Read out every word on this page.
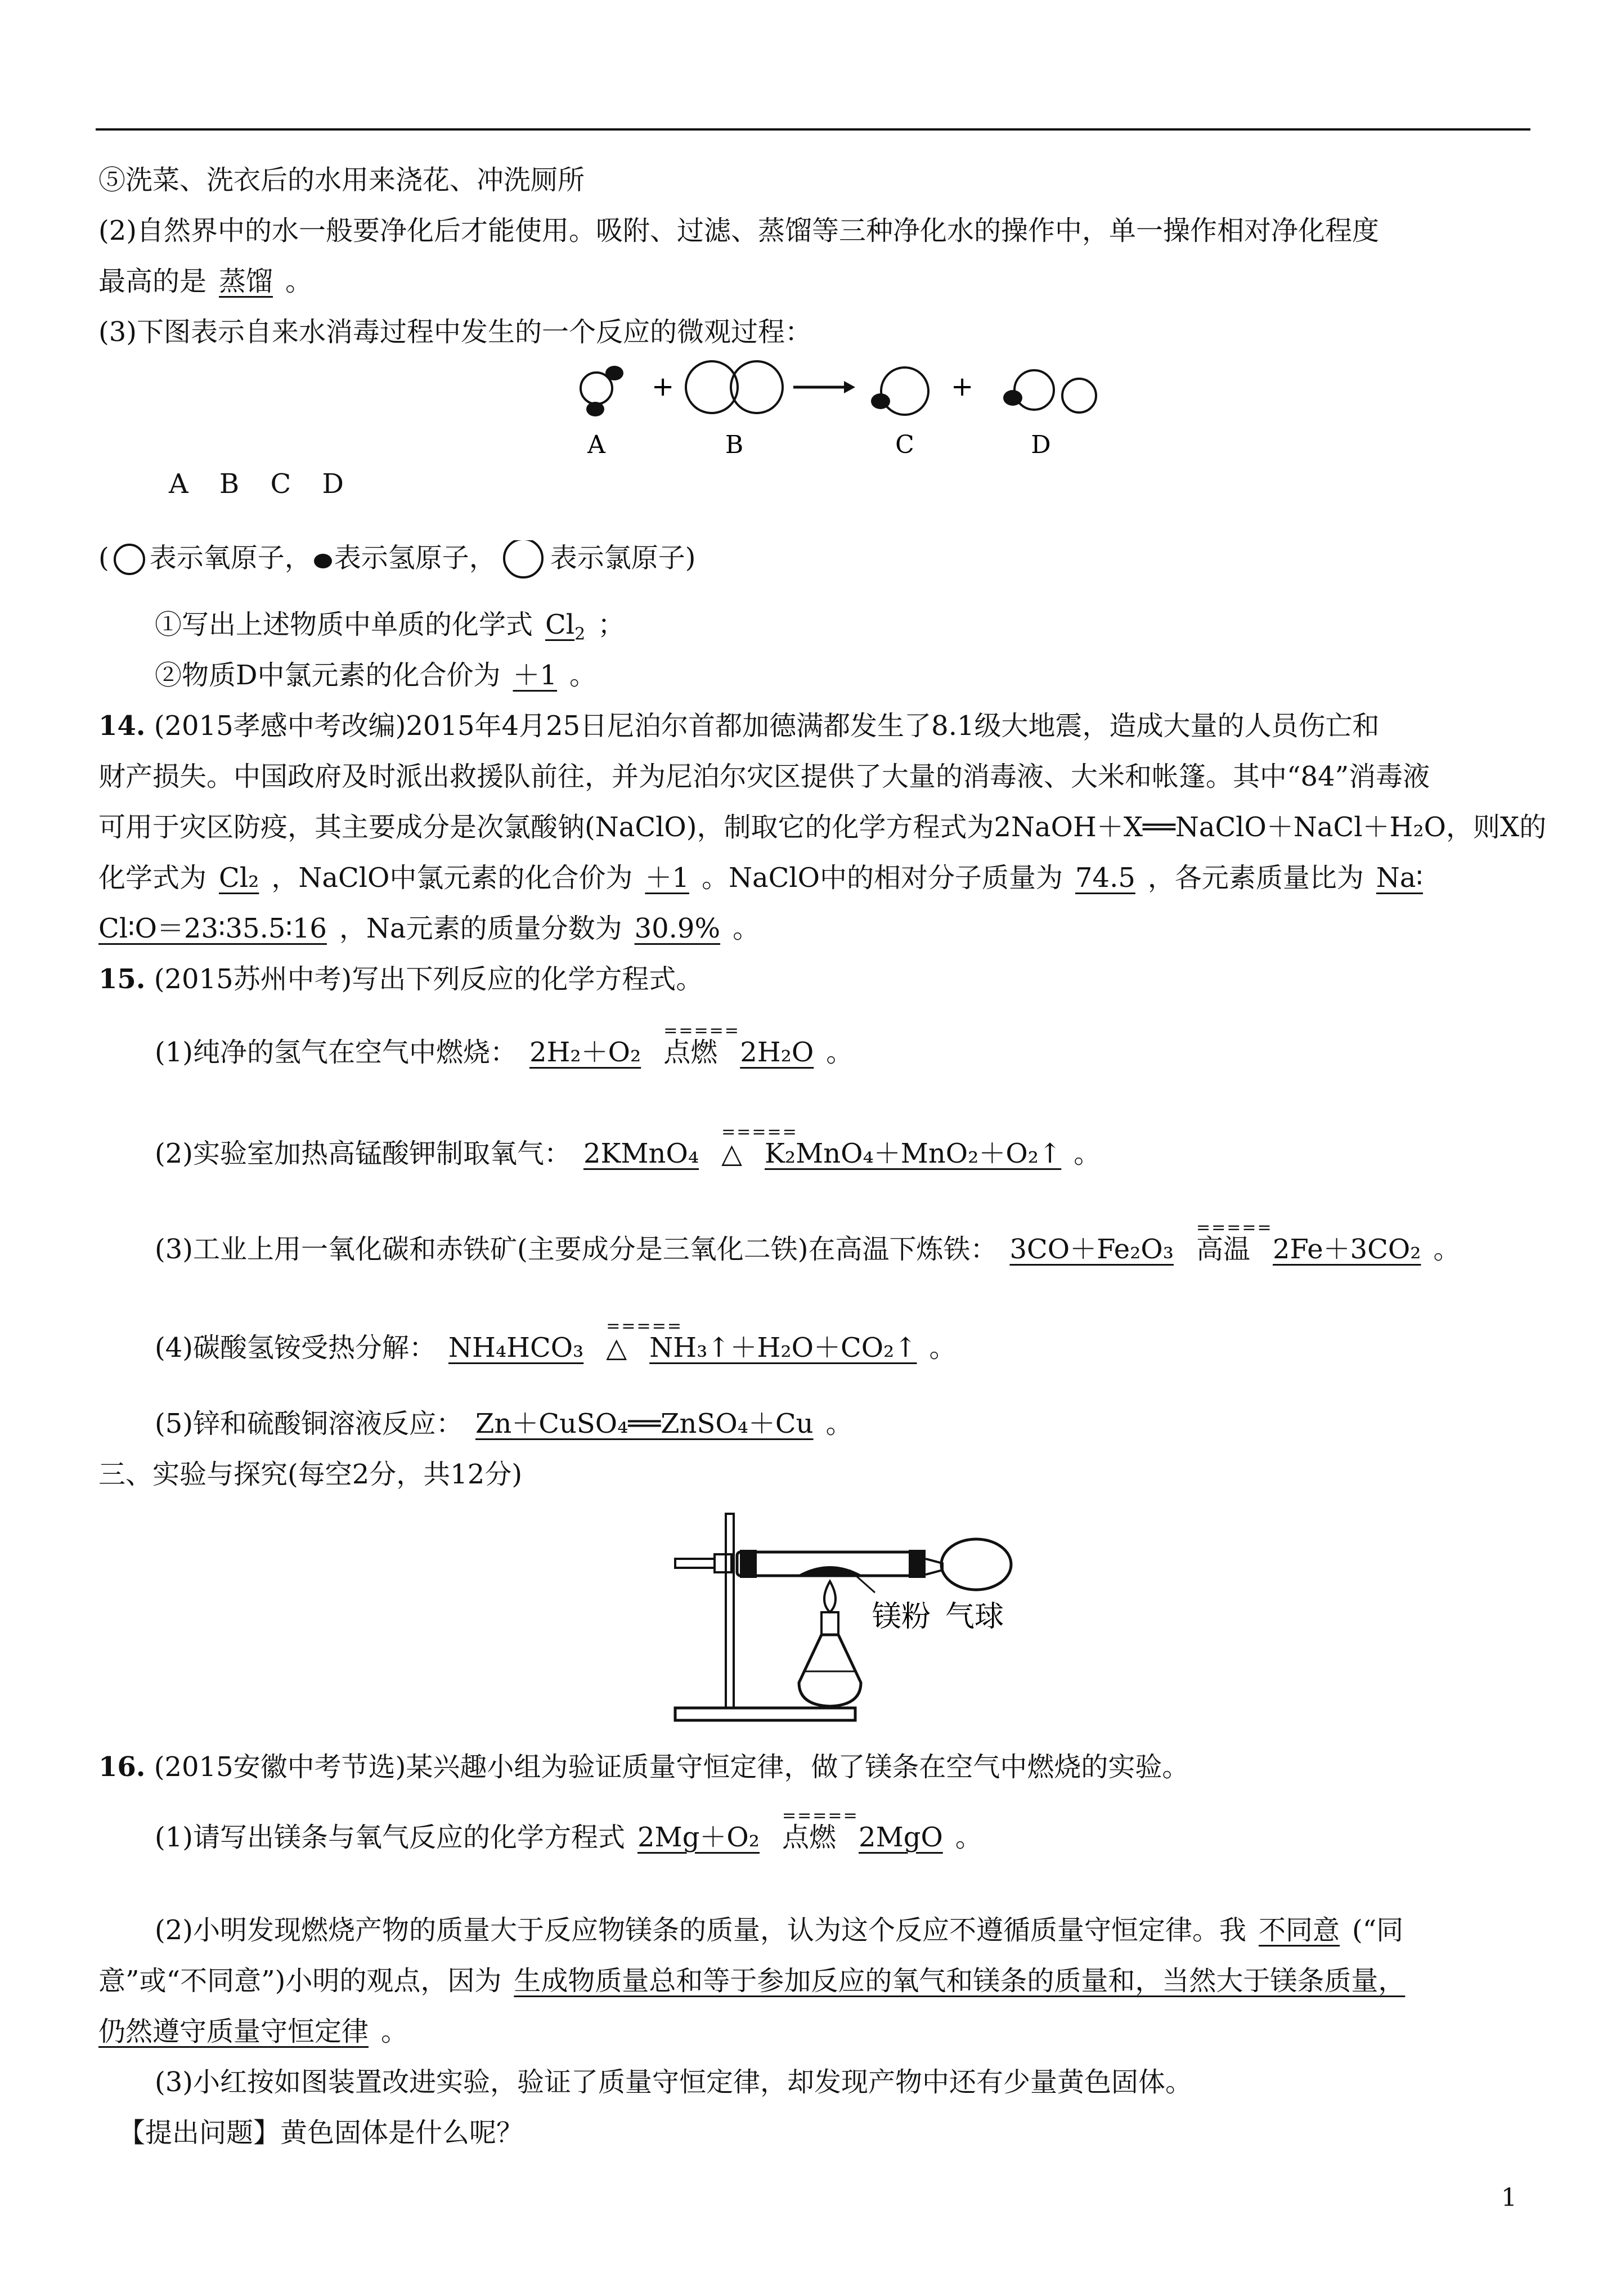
⑤洗菜、洗衣后的水用来浇花、冲洗厕所
(2)自然界中的水一般要净化后才能使用。吸附、过滤、蒸馏等三种净化水的操作中，单一操作相对净化程度
最高的是 蒸馏 。
(3)下图表示自来水消毒过程中发生的一个反应的微观过程：
+	+
A	B	C	D
A B C D
( 表示氧原子， 表示氢原子， 表示氯原子)
①写出上述物质中单质的化学式 $Cl_2$ ；
②物质D中氯元素的化合价为 ＋1 。
14. (2015孝感中考改编)2015年4月25日尼泊尔首都加德满都发生了8.1级大地震，造成大量的人员伤亡和
财产损失。中国政府及时派出救援队前往，并为尼泊尔灾区提供了大量的消毒液、大米和帐篷。其中“84”消毒液
可用于灾区防疫，其主要成分是次氯酸钠(NaClO)，制取它的化学方程式为2NaOH＋X══NaClO＋NaCl＋H₂O，则X的
化学式为 Cl₂ ，NaClO中氯元素的化合价为 ＋1 。NaClO中的相对分子质量为 74.5 ，各元素质量比为 Na∶
Cl∶O＝23∶35.5∶16 ，Na元素的质量分数为 30.9% 。
15. (2015苏州中考)写出下列反应的化学方程式。
(1)纯净的氢气在空气中燃烧： 2H₂＋O₂
=====
点燃 2H₂O 。
(2)实验室加热高锰酸钾制取氧气： 2KMnO₄
=====
△ K₂MnO₄＋MnO₂＋O₂↑ 。
(3)工业上用一氧化碳和赤铁矿(主要成分是三氧化二铁)在高温下炼铁： 3CO＋Fe₂O₃
=====
高温 2Fe＋3CO₂ 。
(4)碳酸氢铵受热分解： NH₄HCO₃
=====
△ NH₃↑＋H₂O＋CO₂↑ 。
(5)锌和硫酸铜溶液反应： Zn＋CuSO₄══ZnSO₄＋Cu 。
三、实验与探究(每空2分，共12分)
镁粉 气球
16. (2015安徽中考节选)某兴趣小组为验证质量守恒定律，做了镁条在空气中燃烧的实验。
(1)请写出镁条与氧气反应的化学方程式 2Mg＋O₂
=====
点燃 2MgO 。
(2)小明发现燃烧产物的质量大于反应物镁条的质量，认为这个反应不遵循质量守恒定律。我 不同意 (“同
意”或“不同意”)小明的观点，因为 生成物质量总和等于参加反应的氧气和镁条的质量和，当然大于镁条质量，
仍然遵守质量守恒定律 。
(3)小红按如图装置改进实验，验证了质量守恒定律，却发现产物中还有少量黄色固体。
【提出问题】黄色固体是什么呢？
1
